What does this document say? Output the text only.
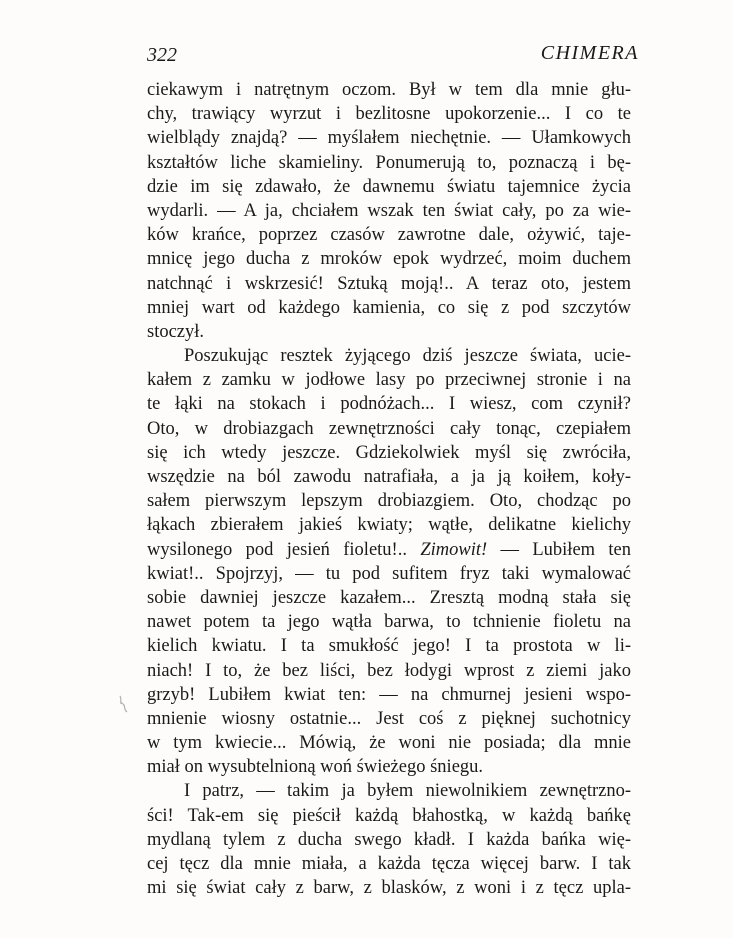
322	CHIMERA
ciekawym i natrętnym oczom. Był w tem dla mnie głu-
chy, trawiący wyrzut i bezlitosne upokorzenie... I co te
wielblądy znajdą? — myślałem niechętnie. — Ułamkowych
kształtów liche skamieliny. Ponumerują to, poznaczą i bę-
dzie im się zdawało, że dawnemu światu tajemnice życia
wydarli. — A ja, chciałem wszak ten świat cały, po za wie-
ków krańce, poprzez czasów zawrotne dale, ożywić, taje-
mnicę jego ducha z mroków epok wydrzeć, moim duchem
natchnąć i wskrzesić! Sztuką moją!.. A teraz oto, jestem
mniej wart od każdego kamienia, co się z pod szczytów
stoczył.
Poszukując resztek żyjącego dziś jeszcze świata, ucie-
kałem z zamku w jodłowe lasy po przeciwnej stronie i na
te łąki na stokach i podnóżach... I wiesz, com czynił?
Oto, w drobiazgach zewnętrzności cały tonąc, czepiałem
się ich wtedy jeszcze. Gdziekolwiek myśl się zwróciła,
wszędzie na ból zawodu natrafiała, a ja ją koiłem, koły-
sałem pierwszym lepszym drobiazgiem. Oto, chodząc po
łąkach zbierałem jakieś kwiaty; wątłe, delikatne kielichy
wysilonego pod jesień fioletu!.. Zimowit! — Lubiłem ten
kwiat!.. Spojrzyj, — tu pod sufitem fryz taki wymalować
sobie dawniej jeszcze kazałem... Zresztą modną stała się
nawet potem ta jego wątła barwa, to tchnienie fioletu na
kielich kwiatu. I ta smukłość jego! I ta prostota w li-
niach! I to, że bez liści, bez łodygi wprost z ziemi jako
grzyb! Lubiłem kwiat ten: — na chmurnej jesieni wspo-
mnienie wiosny ostatnie... Jest coś z pięknej suchotnicy
w tym kwiecie... Mówią, że woni nie posiada; dla mnie
miał on wysubtelnioną woń świeżego śniegu.
I patrz, — takim ja byłem niewolnikiem zewnętrzno-
ści! Tak-em się pieścił każdą błahostką, w każdą bańkę
mydlaną tylem z ducha swego kładł. I każda bańka wię-
cej tęcz dla mnie miała, a każda tęcza więcej barw. I tak
mi się świat cały z barw, z blasków, z woni i z tęcz upla-
